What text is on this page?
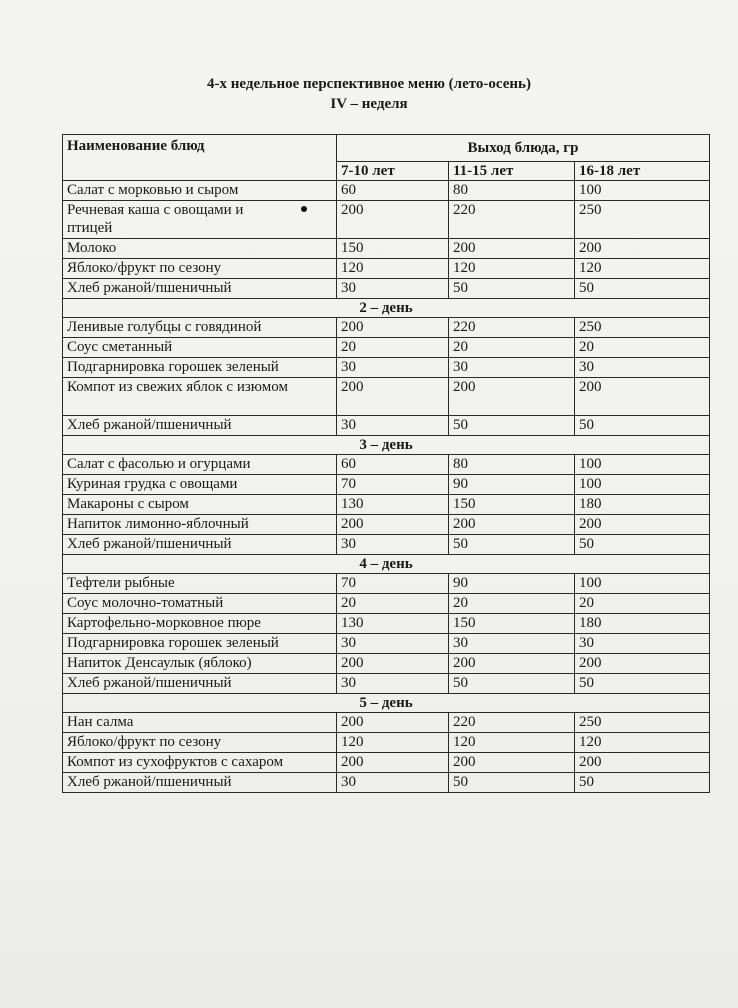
4-х недельное перспективное меню (лето-осень)
IV – неделя
Наименование блюд	Выход блюда, гр		
	7-10 лет	11-15 лет	16-18 лет
Салат с морковью и сыром	60	80	100
Речневая каша с овощами и птицей	200	220	250
Молоко	150	200	200
Яблоко/фрукт по сезону	120	120	120
Хлеб ржаной/пшеничный	30	50	50
2 – день			
Ленивые голубцы с говядиной	200	220	250
Соус сметанный	20	20	20
Подгарнировка горошек зеленый	30	30	30
Компот из свежих яблок с изюмом	200	200	200
Хлеб ржаной/пшеничный	30	50	50
3 – день			
Салат с фасолью и огурцами	60	80	100
Куриная грудка с овощами	70	90	100
Макароны с сыром	130	150	180
Напиток лимонно-яблочный	200	200	200
Хлеб ржаной/пшеничный	30	50	50
4 – день			
Тефтели рыбные	70	90	100
Соус молочно-томатный	20	20	20
Картофельно-морковное пюре	130	150	180
Подгарнировка горошек зеленый	30	30	30
Напиток Денсаулык (яблоко)	200	200	200
Хлеб ржаной/пшеничный	30	50	50
5 – день			
Нан салма	200	220	250
Яблоко/фрукт по сезону	120	120	120
Компот из сухофруктов с сахаром	200	200	200
Хлеб ржаной/пшеничный	30	50	50
